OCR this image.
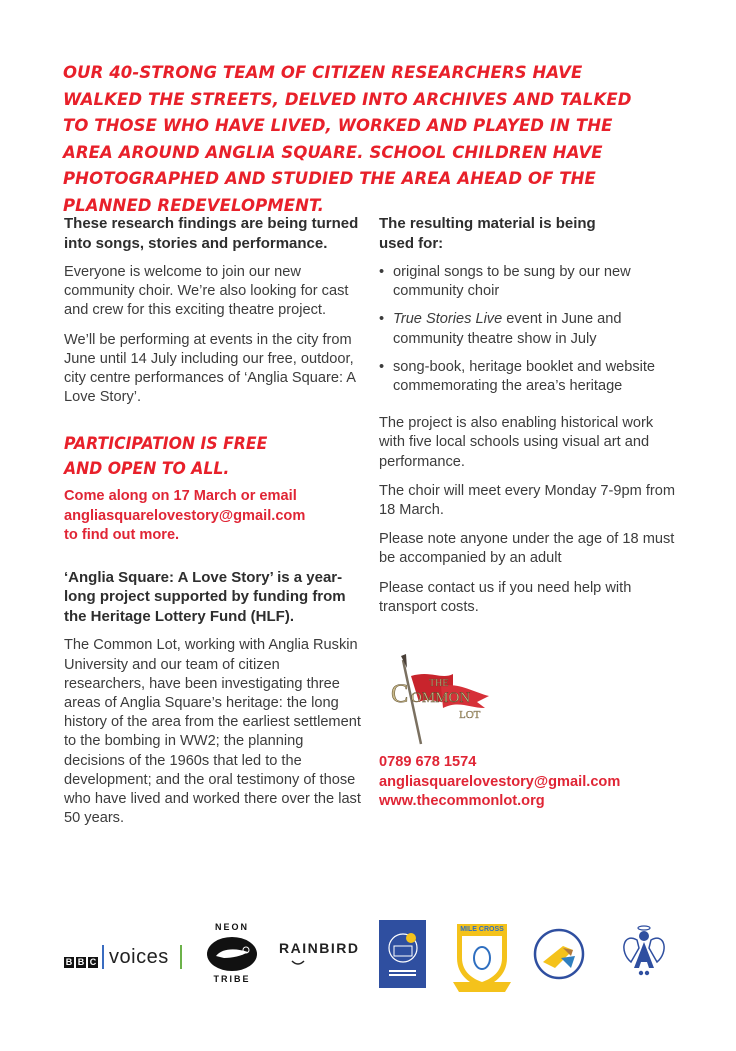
OUR 40-STRONG TEAM OF CITIZEN RESEARCHERS HAVE WALKED THE STREETS, DELVED INTO ARCHIVES AND TALKED TO THOSE WHO HAVE LIVED, WORKED AND PLAYED IN THE AREA AROUND ANGLIA SQUARE. SCHOOL CHILDREN HAVE PHOTOGRAPHED AND STUDIED THE AREA AHEAD OF THE PLANNED REDEVELOPMENT.

These research findings are being turned into songs, stories and performance.

Everyone is welcome to join our new community choir. We’re also looking for cast and crew for this exciting theatre project.

We’ll be performing at events in the city from June until 14 July including our free, outdoor, city centre performances of ‘Anglia Square: A Love Story’.

PARTICIPATION IS FREE
AND OPEN TO ALL.
Come along on 17 March or email
angliasquarelovestory@gmail.com
to find out more.

‘Anglia Square: A Love Story’ is a year-long project supported by funding from the Heritage Lottery Fund (HLF).

The Common Lot, working with Anglia Ruskin University and our team of citizen researchers, have been investigating three areas of Anglia Square’s heritage: the long history of the area from the earliest settlement to the bombing in WW2; the planning decisions of the 1960s that led to the development; and the oral testimony of those who have lived and worked there over the last 50 years.

The resulting material is being used for:

• original songs to be sung by our new community choir
• True Stories Live event in June and community theatre show in July
• song-book, heritage booklet and website commemorating the area’s heritage

The project is also enabling historical work with five local schools using visual art and performance.

The choir will meet every Monday 7-9pm from 18 March.

Please note anyone under the age of 18 must be accompanied by an adult

Please contact us if you need help with transport costs.

THE
C OMMON
LOT
0789 678 1574
angliasquarelovestory@gmail.com
www.thecommonlot.org
B B C voices
NEON
TRIBE
RAINBIRD
MILE CROSS
